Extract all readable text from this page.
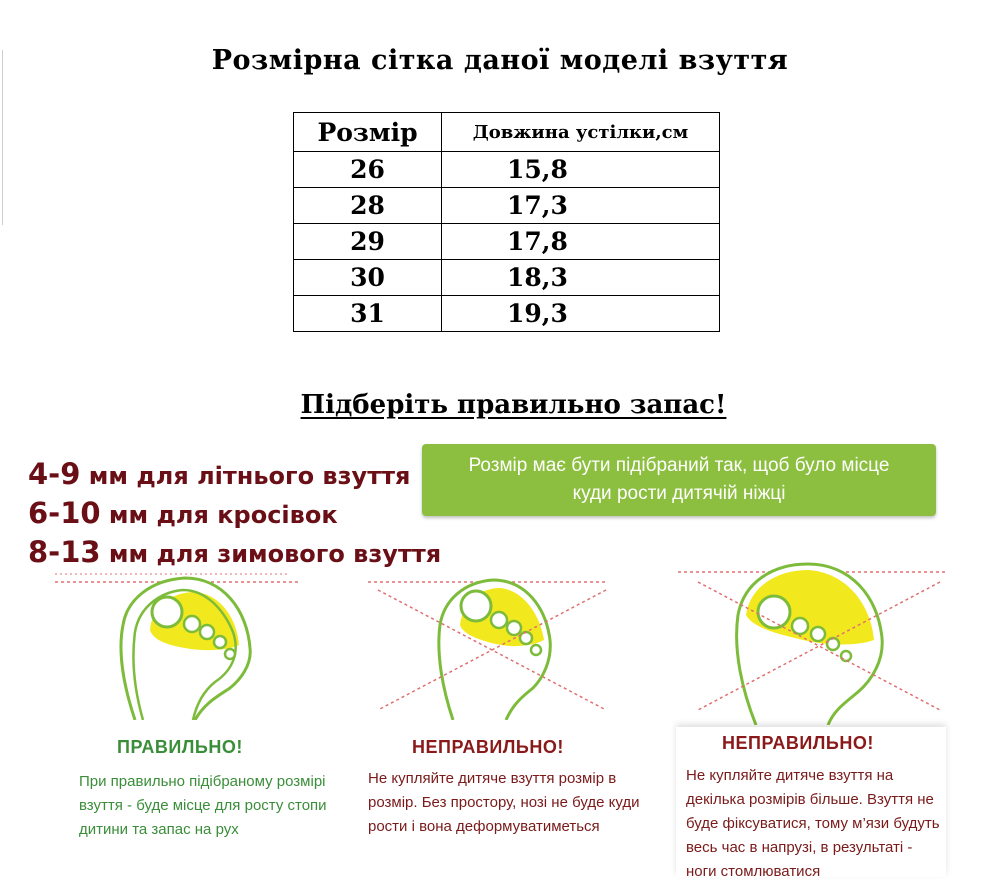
Розмірна сітка даної моделі взуття
Розмір	Довжина устілки,см
26	15,8
28	17,3
29	17,8
30	18,3
31	19,3
Підберіть правильно запас!
4-9 мм для літнього взуття
6-10 мм для кросівок
8-13 мм для зимового взуття
Розмір має бути підібраний так, щоб було місце
куди рости дитячій ніжці
ПРАВИЛЬНО!	НЕПРАВИЛЬНО!	НЕПРАВИЛЬНО!
При правильно підібраному розмірі взуття - буде місце для росту стопи дитини та запас на рух
Не купляйте дитяче взуття розмір в розмір. Без простору, нозі не буде куди рости і вона деформуватиметься
Не купляйте дитяче взуття на декілька розмірів більше. Взуття не буде фіксуватися, тому м’язи будуть весь час в напрузі, в результаті - ноги стомлюватися
